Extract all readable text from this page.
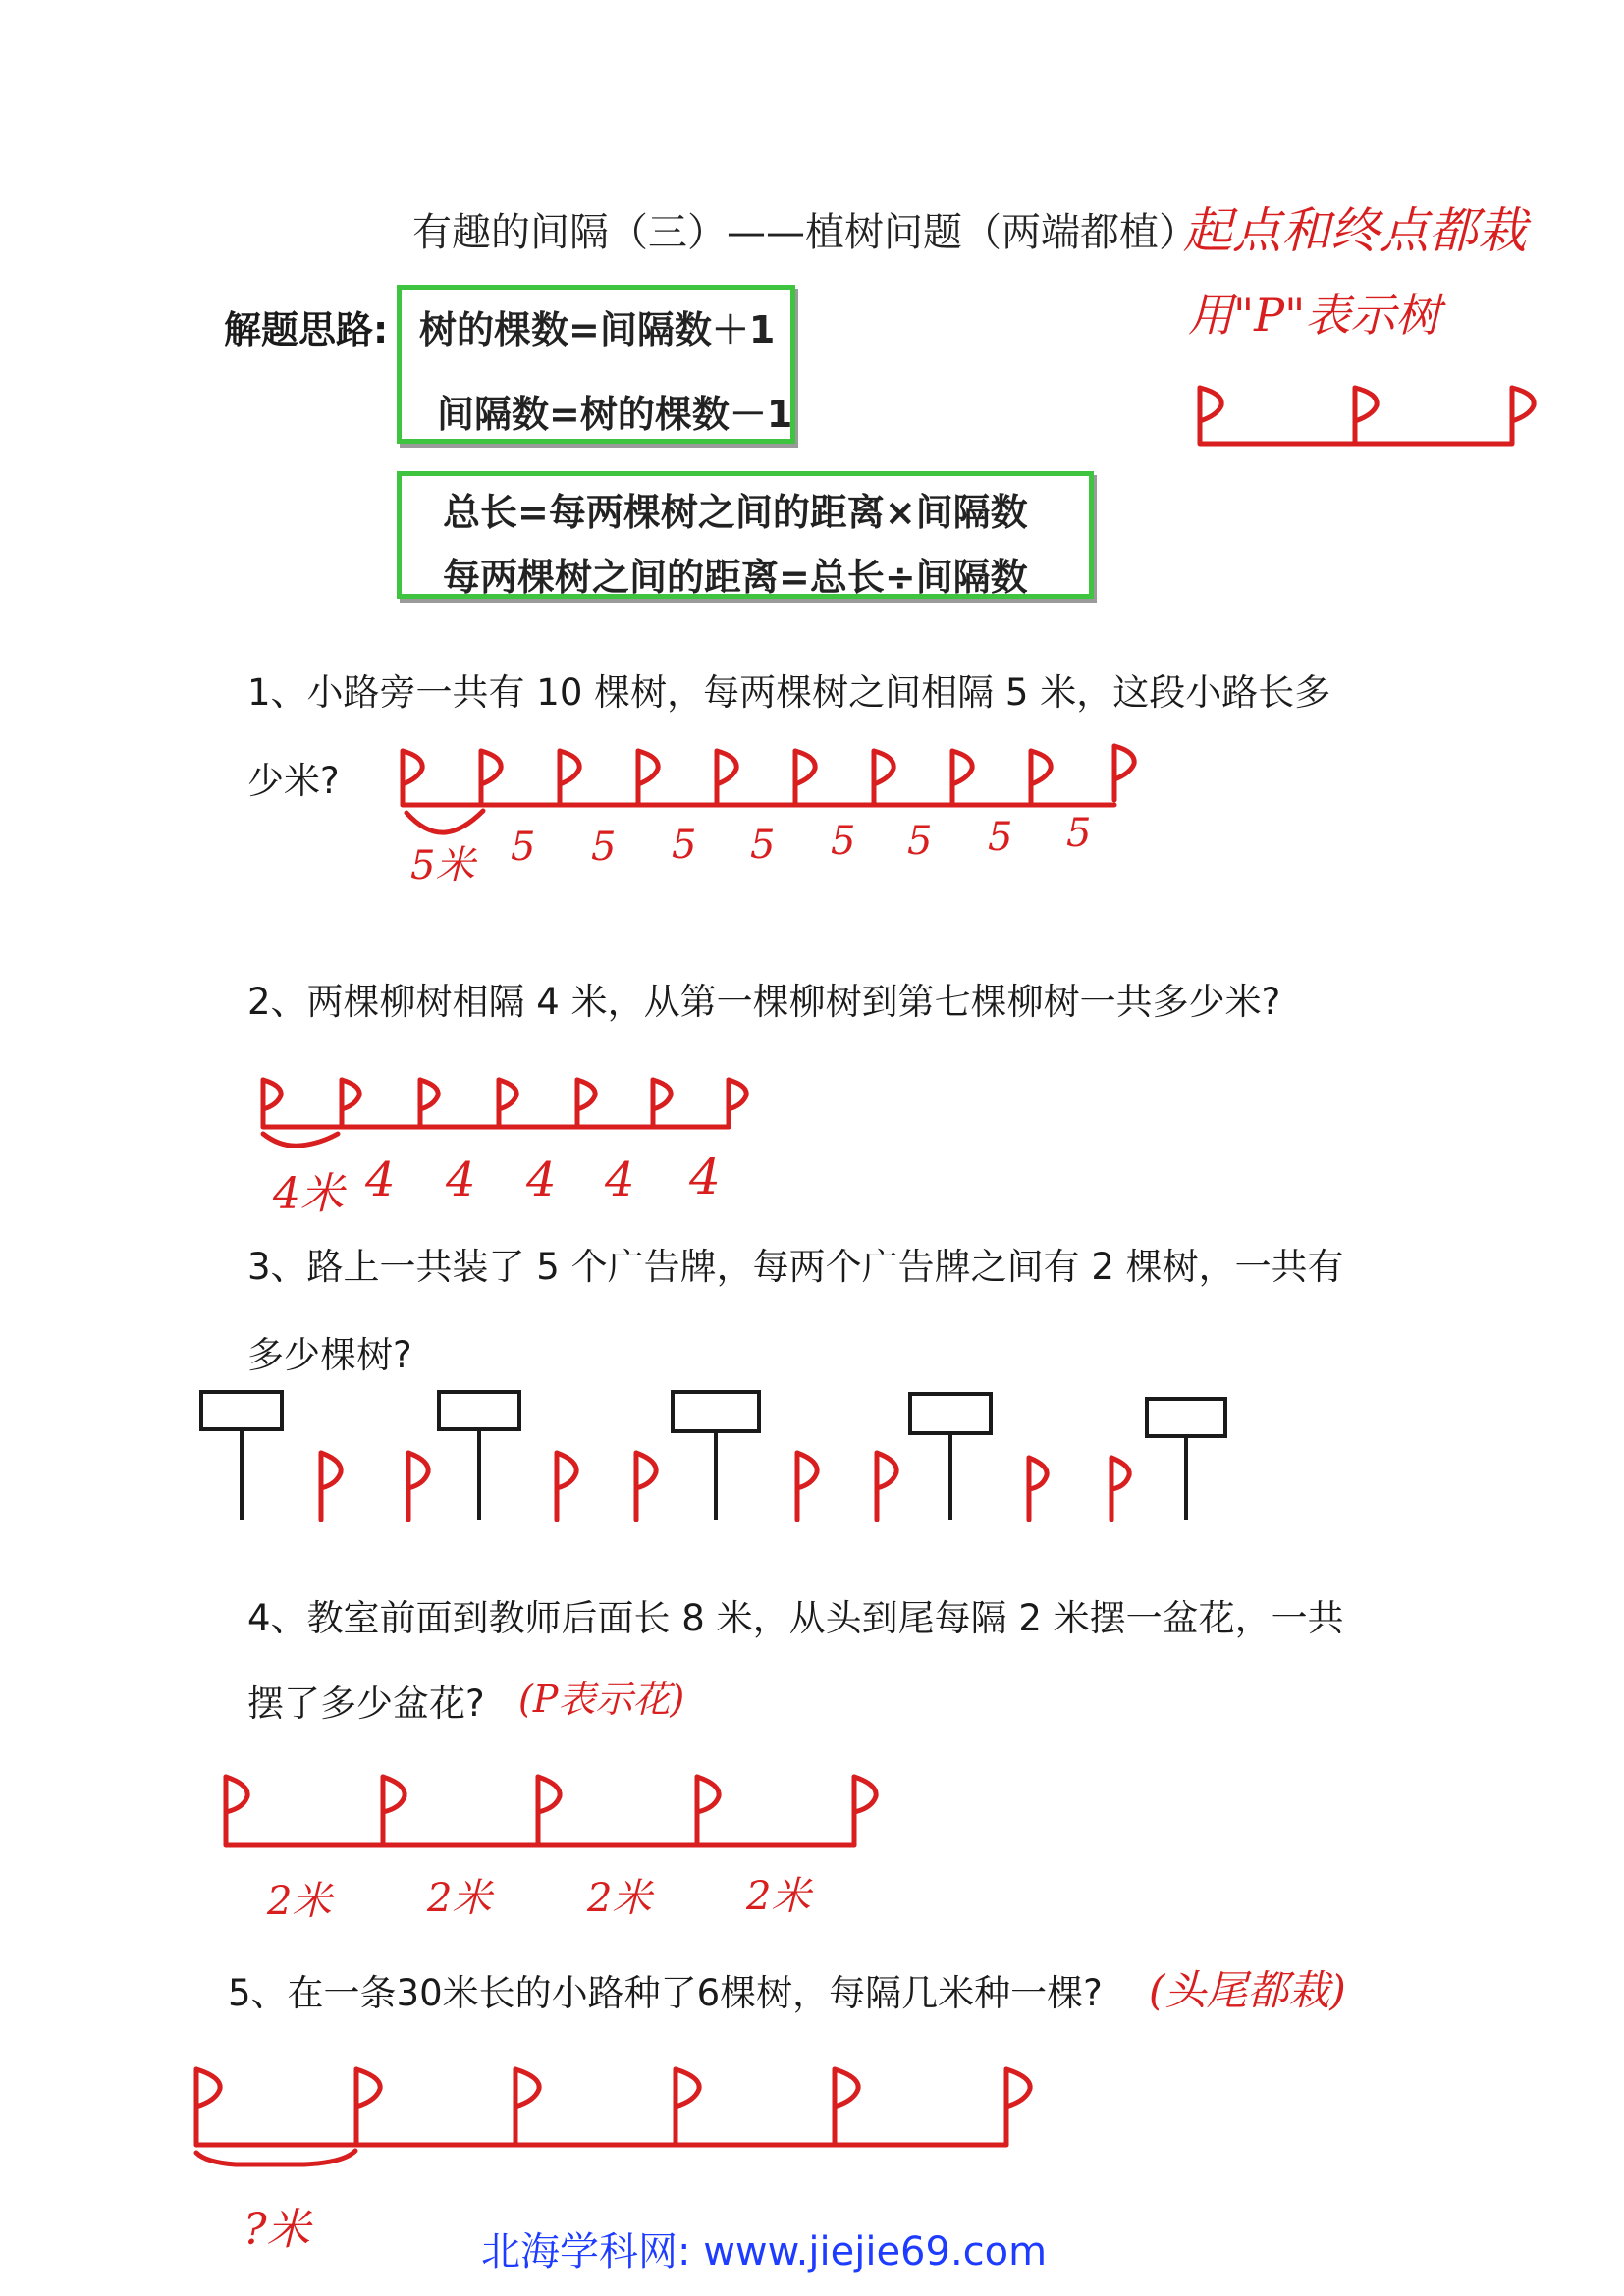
有趣的间隔（三）——植树问题（两端都植）
起点和终点都栽
用"P"表示树
解题思路: 树的棵数=间隔数＋1
间隔数=树的棵数－1
总长=每两棵树之间的距离×间隔数
每两棵树之间的距离=总长÷间隔数
1、小路旁一共有 10 棵树，每两棵树之间相隔 5 米，这段小路长多
少米?
2、两棵柳树相隔 4 米，从第一棵柳树到第七棵柳树一共多少米?
3、路上一共装了 5 个广告牌，每两个广告牌之间有 2 棵树，一共有
多少棵树?
4、教室前面到教师后面长 8 米，从头到尾每隔 2 米摆一盆花，一共
摆了多少盆花? (P表示花)
5、在一条30米长的小路种了6棵树，每隔几米种一棵? (头尾都栽)
北海学科网: www.jiejie69.com
5米 5 5 5 5 5 5 5 5
4米 4 4 4 4 4
2米 2米 2米 2米
?米
